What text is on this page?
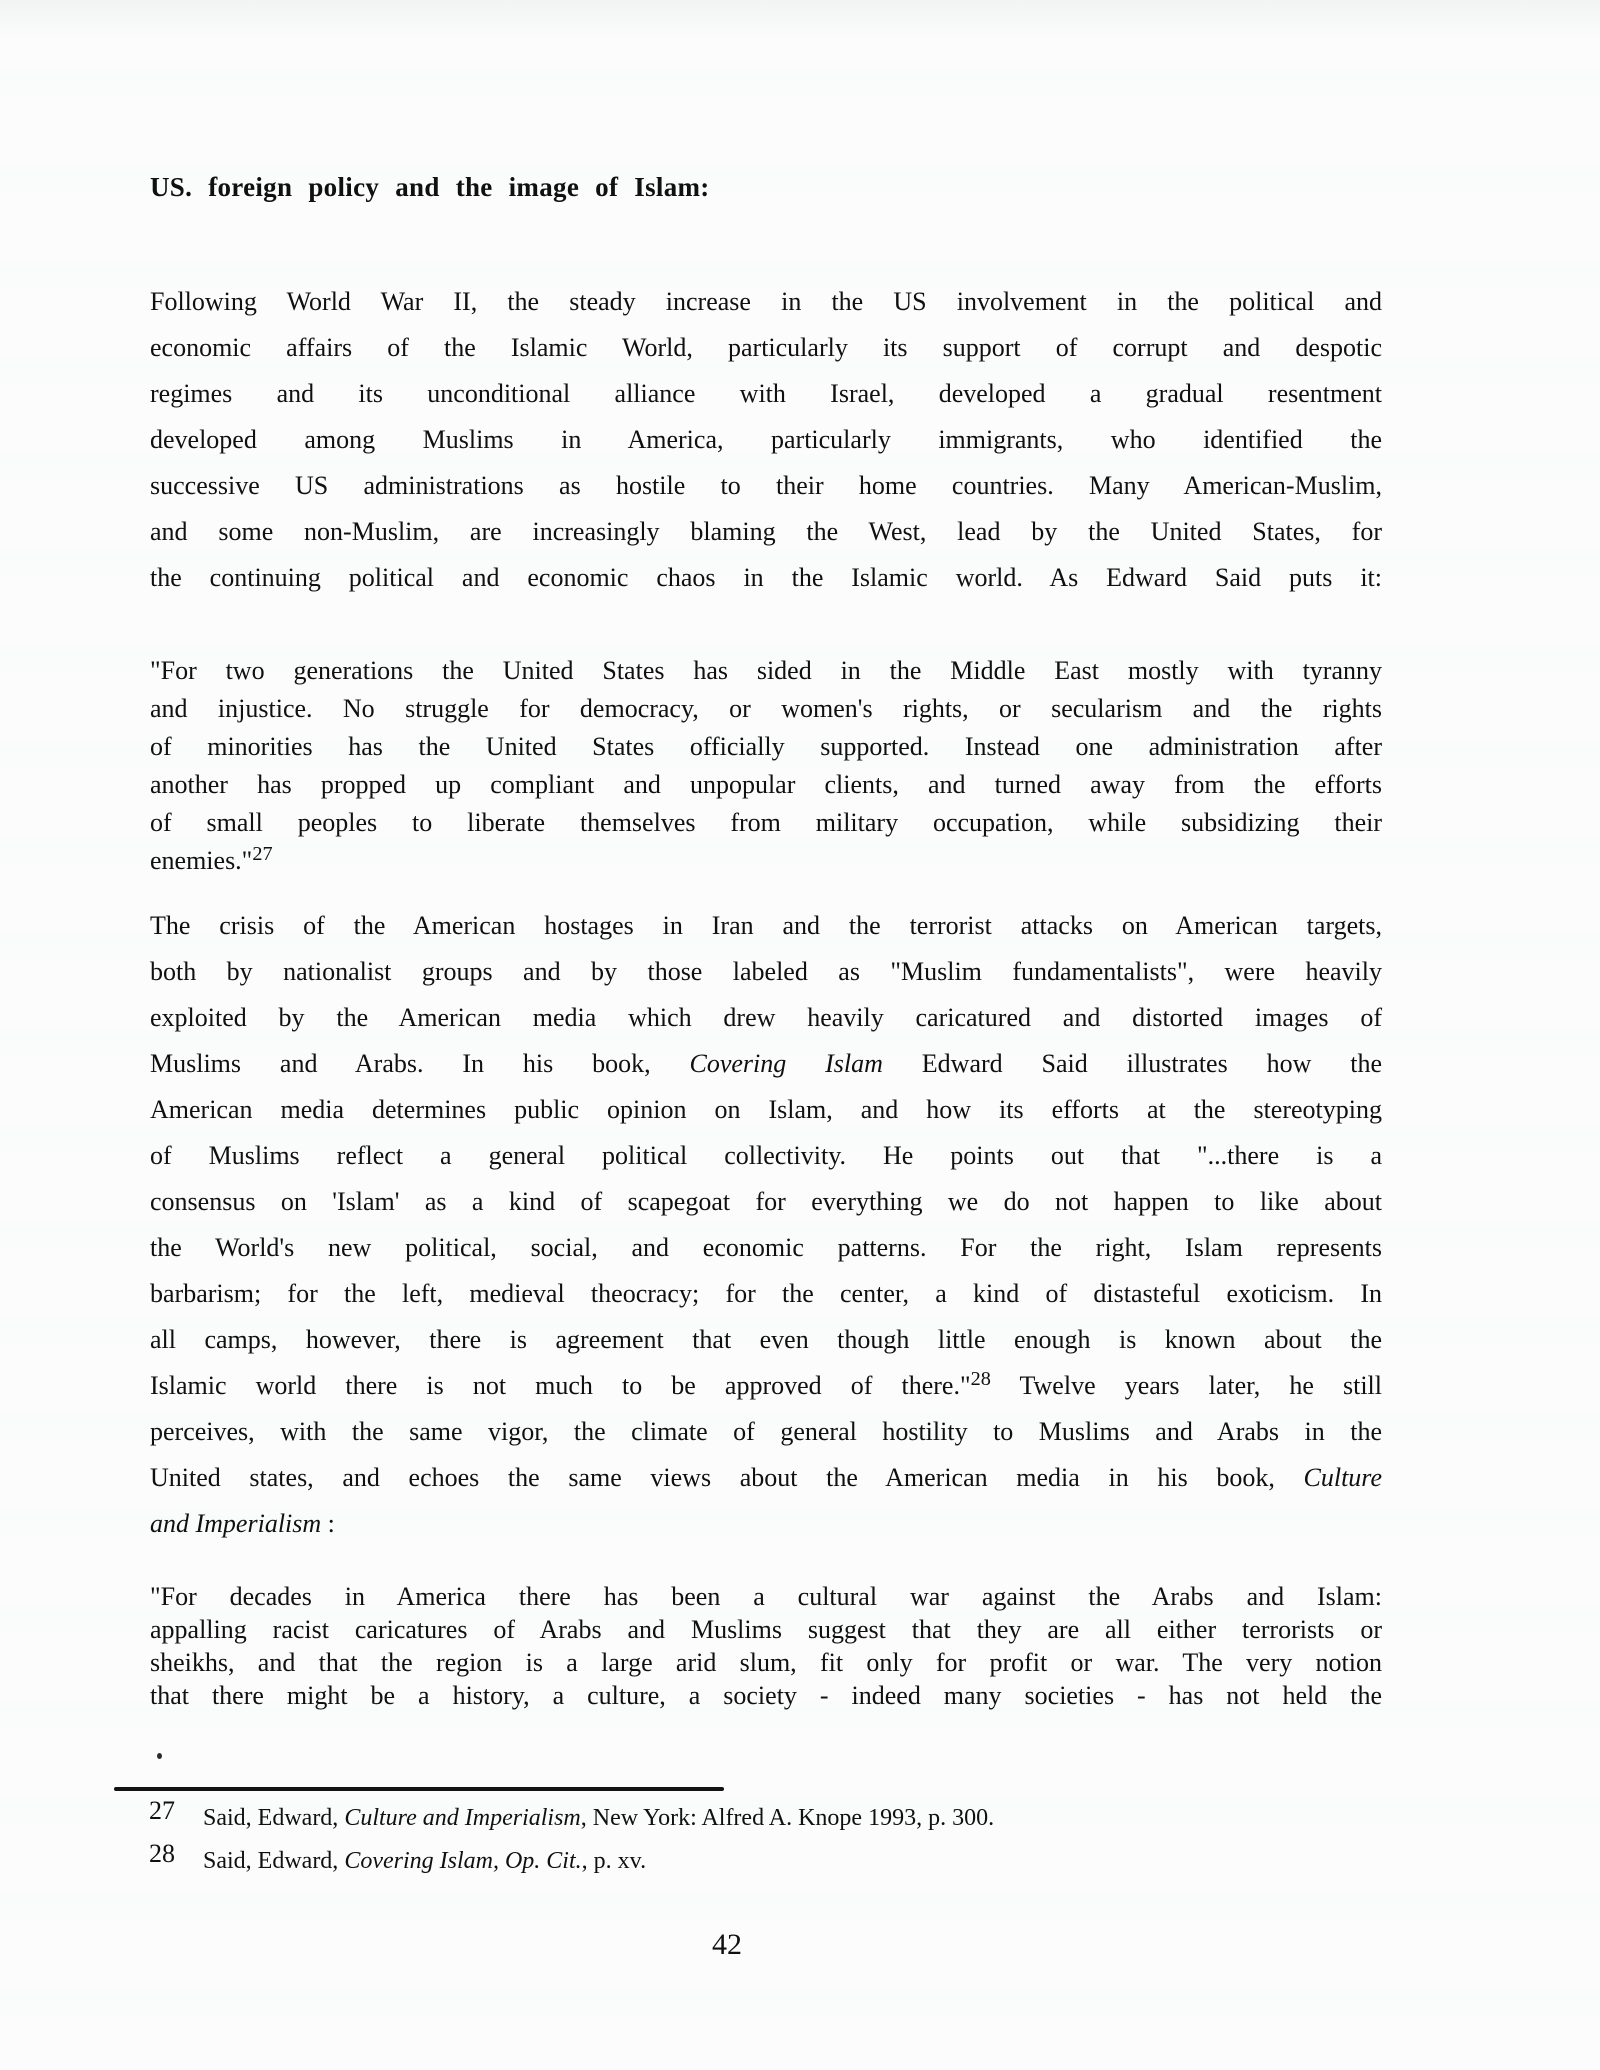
US. foreign policy and the image of Islam:
Following World War II, the steady increase in the US involvement in the political and
economic affairs of the Islamic World, particularly its support of corrupt and despotic
regimes and its unconditional alliance with Israel, developed a gradual resentment
developed among Muslims in America, particularly immigrants, who identified the
successive US administrations as hostile to their home countries. Many American-Muslim,
and some non-Muslim, are increasingly blaming the West, lead by the United States, for
the continuing political and economic chaos in the Islamic world. As Edward Said puts it:
"For two generations the United States has sided in the Middle East mostly with tyranny
and injustice. No struggle for democracy, or women's rights, or secularism and the rights
of minorities has the United States officially supported. Instead one administration after
another has propped up compliant and unpopular clients, and turned away from the efforts
of small peoples to liberate themselves from military occupation, while subsidizing their
enemies."$^{27}$
The crisis of the American hostages in Iran and the terrorist attacks on American targets,
both by nationalist groups and by those labeled as "Muslim fundamentalists", were heavily
exploited by the American media which drew heavily caricatured and distorted images of
Muslims and Arabs. In his book, Covering Islam Edward Said illustrates how the
American media determines public opinion on Islam, and how its efforts at the stereotyping
of Muslims reflect a general political collectivity. He points out that "...there is a
consensus on 'Islam' as a kind of scapegoat for everything we do not happen to like about
the World's new political, social, and economic patterns. For the right, Islam represents
barbarism; for the left, medieval theocracy; for the center, a kind of distasteful exoticism. In
all camps, however, there is agreement that even though little enough is known about the
Islamic world there is not much to be approved of there."$^{28}$ Twelve years later, he still
perceives, with the same vigor, the climate of general hostility to Muslims and Arabs in the
United states, and echoes the same views about the American media in his book, Culture
and Imperialism :
"For decades in America there has been a cultural war against the Arabs and Islam:
appalling racist caricatures of Arabs and Muslims suggest that they are all either terrorists or
sheikhs, and that the region is a large arid slum, fit only for profit or war. The very notion
that there might be a history, a culture, a society - indeed many societies - has not held the
27	Said, Edward, Culture and Imperialism, New York: Alfred A. Knope 1993, p. 300.
28	Said, Edward, Covering Islam, Op. Cit., p. xv.
42
